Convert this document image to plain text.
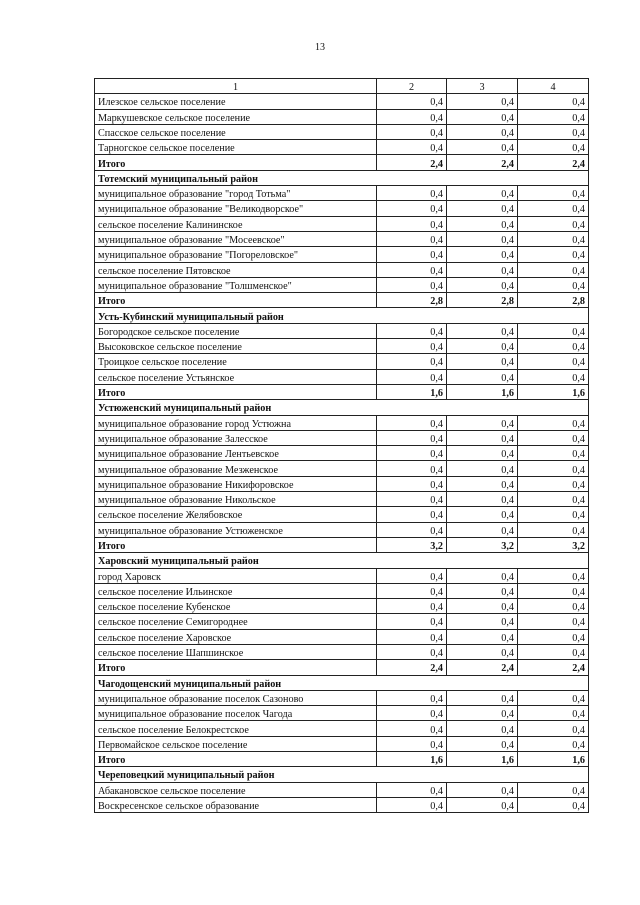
13
1	2	3	4
Илезское сельское поселение	0,4	0,4	0,4
Маркушевское сельское поселение	0,4	0,4	0,4
Спасское сельское поселение	0,4	0,4	0,4
Тарногское сельское поселение	0,4	0,4	0,4
Итого	2,4	2,4	2,4
Тотемский муниципальный район			
муниципальное образование "город Тотьма"	0,4	0,4	0,4
муниципальное образование "Великодворское"	0,4	0,4	0,4
сельское поселение Калининское	0,4	0,4	0,4
муниципальное образование "Мосеевское"	0,4	0,4	0,4
муниципальное образование "Погореловское"	0,4	0,4	0,4
сельское поселение Пятовское	0,4	0,4	0,4
муниципальное образование "Толшменское"	0,4	0,4	0,4
Итого	2,8	2,8	2,8
Усть-Кубинский муниципальный район			
Богородское сельское поселение	0,4	0,4	0,4
Высоковское сельское поселение	0,4	0,4	0,4
Троицкое сельское поселение	0,4	0,4	0,4
сельское поселение Устьянское	0,4	0,4	0,4
Итого	1,6	1,6	1,6
Устюженский муниципальный район			
муниципальное образование город Устюжна	0,4	0,4	0,4
муниципальное образование Залесское	0,4	0,4	0,4
муниципальное образование Лентьевское	0,4	0,4	0,4
муниципальное образование Мезженское	0,4	0,4	0,4
муниципальное образование Никифоровское	0,4	0,4	0,4
муниципальное образование Никольское	0,4	0,4	0,4
сельское поселение Желябовское	0,4	0,4	0,4
муниципальное образование Устюженское	0,4	0,4	0,4
Итого	3,2	3,2	3,2
Харовский муниципальный район			
город Харовск	0,4	0,4	0,4
сельское поселение Ильинское	0,4	0,4	0,4
сельское поселение Кубенское	0,4	0,4	0,4
сельское поселение Семигороднее	0,4	0,4	0,4
сельское поселение Харовское	0,4	0,4	0,4
сельское поселение Шапшинское	0,4	0,4	0,4
Итого	2,4	2,4	2,4
Чагодощенский муниципальный район			
муниципальное образование поселок Сазоново	0,4	0,4	0,4
муниципальное образование поселок Чагода	0,4	0,4	0,4
сельское поселение Белокрестское	0,4	0,4	0,4
Первомайское сельское поселение	0,4	0,4	0,4
Итого	1,6	1,6	1,6
Череповецкий муниципальный район			
Абакановское сельское поселение	0,4	0,4	0,4
Воскресенское сельское образование	0,4	0,4	0,4
